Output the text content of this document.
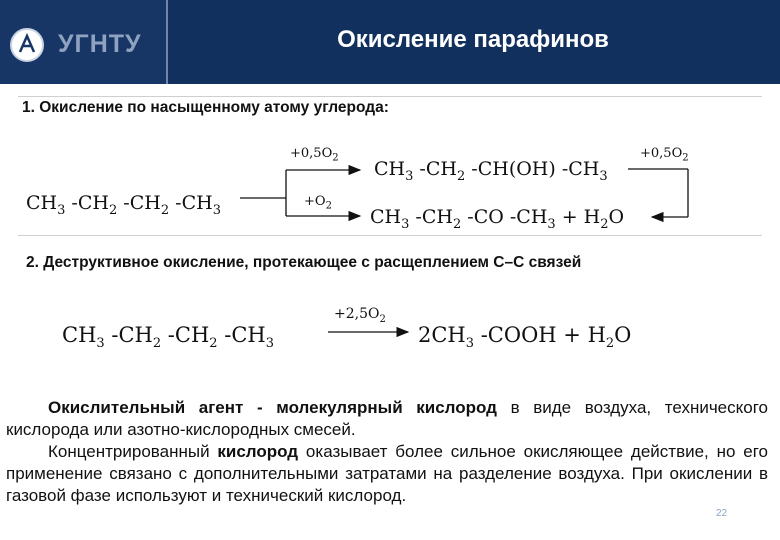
УГНТУ	Окисление парафинов
1. Окисление по насыщенному атому углерода:
$CH_3$ $-CH_2$ $-CH_2$ $-CH_3$
$+0,5O_2$
$+O_2$
$+0,5O_2$
$CH_3$ $-CH_2$ -CH(OH) $-CH_3$
$CH_3$ $-CH_2$ -CO $-CH_3 + H_2O$
2. Деструктивное окисление, протекающее с расщеплением С–С связей
$CH_3$ $-CH_2$ $-CH_2$ $-CH_3$
$+2,5O_2$
$2CH_3$ -COOH + $H_2O$

Окислительный агент - молекулярный кислород в виде воздуха, технического кислорода или азотно-кислородных смесей.

Концентрированный кислород оказывает более сильное окисляющее действие, но его применение связано с дополнительными затратами на разделение воздуха. При окислении в газовой фазе используют и технический кислород.

22
